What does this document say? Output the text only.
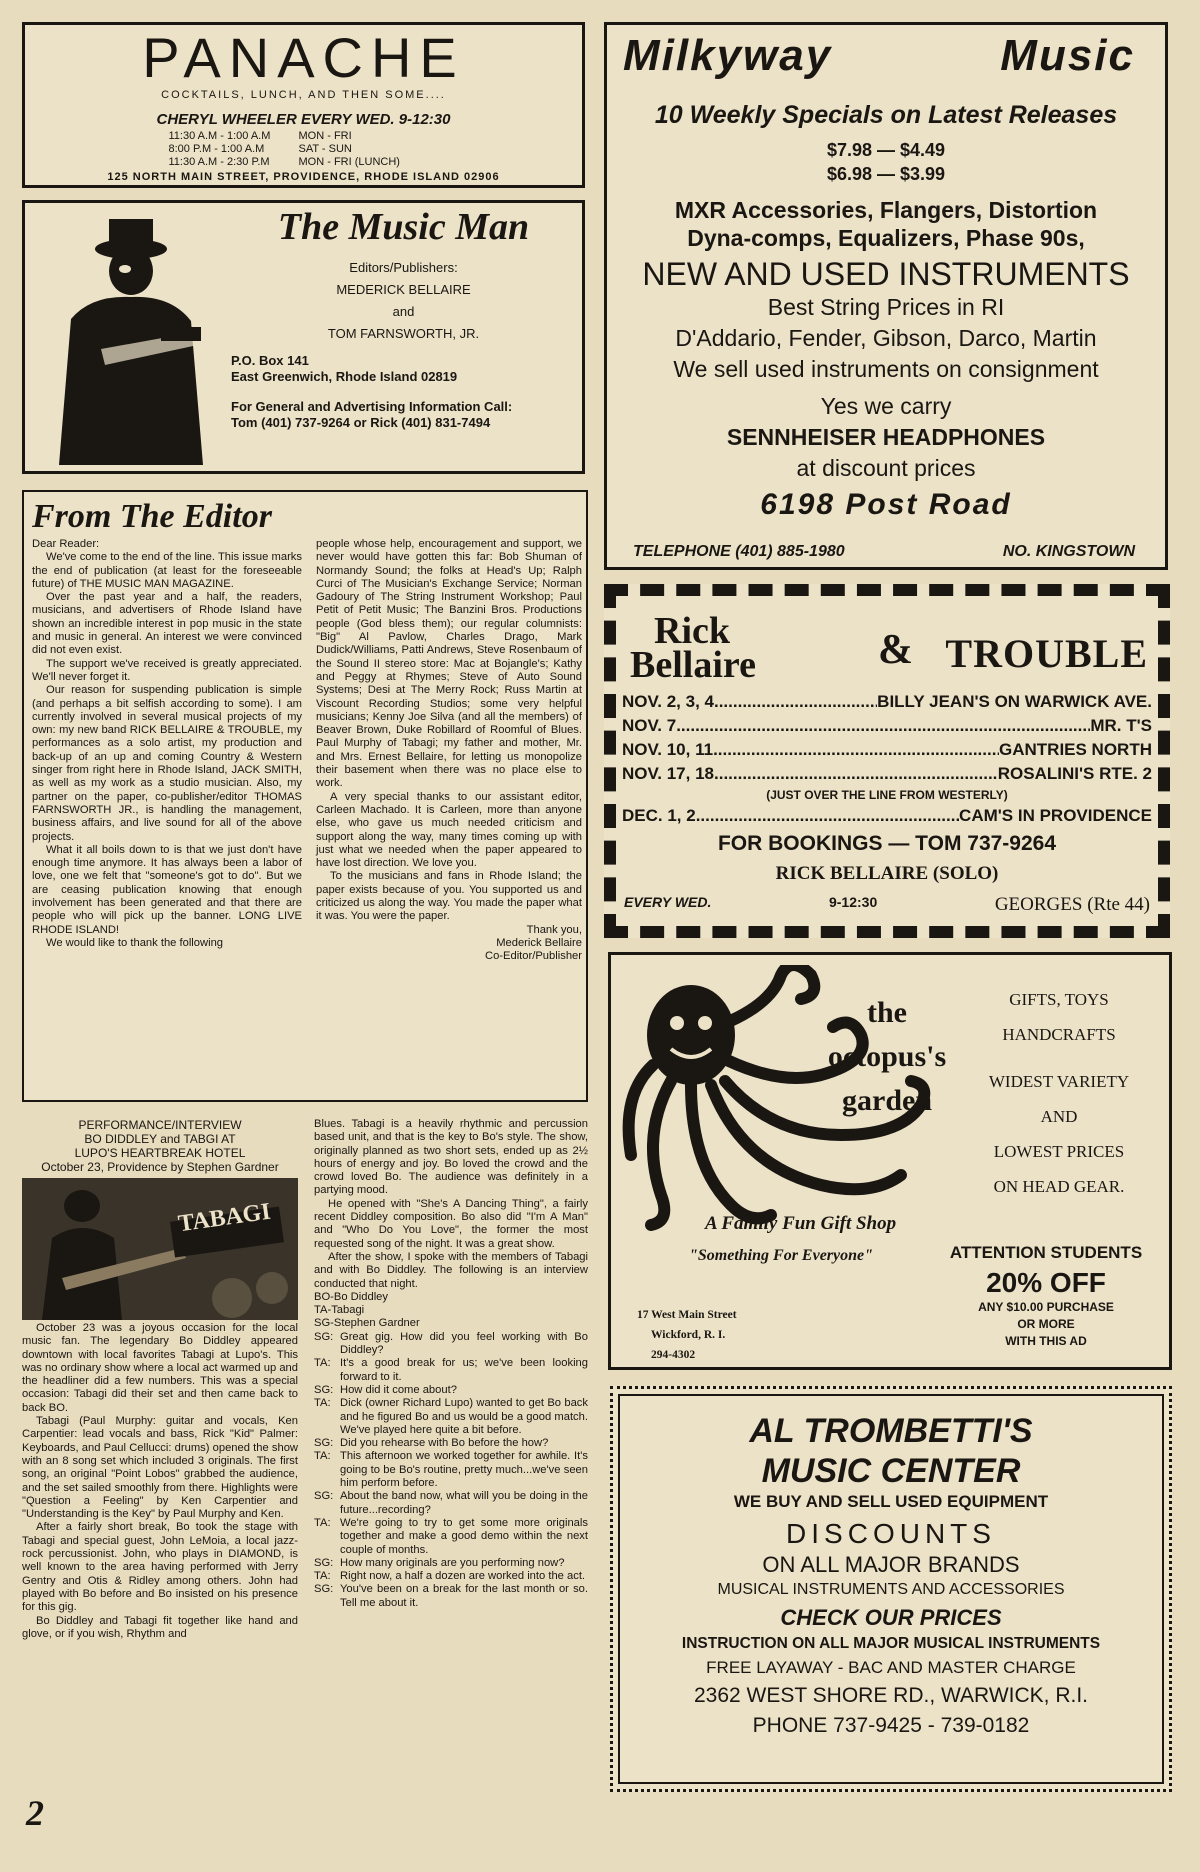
PANACHE
COCKTAILS, LUNCH, AND THEN SOME....
CHERYL WHEELER EVERY WED. 9-12:30
11:30 A.M - 1:00 A.M	MON - FRI
8:00 P.M - 1:00 A.M	SAT - SUN
11:30 A.M - 2:30 P.M	MON - FRI (LUNCH)
125 NORTH MAIN STREET, PROVIDENCE, RHODE ISLAND 02906
The Music Man
Editors/Publishers:
MEDERICK BELLAIRE
and
TOM FARNSWORTH, JR.
P.O. Box 141
East Greenwich, Rhode Island 02819
For General and Advertising Information Call:
Tom (401) 737-9264 or Rick (401) 831-7494
From The Editor

Dear Reader:

We've come to the end of the line. This issue marks the end of publication (at least for the foreseeable future) of THE MUSIC MAN MAGAZINE.

Over the past year and a half, the readers, musicians, and advertisers of Rhode Island have shown an incredible interest in pop music in the state and music in general. An interest we were convinced did not even exist.

The support we've received is greatly appreciated. We'll never forget it.

Our reason for suspending publication is simple (and perhaps a bit selfish according to some). I am currently involved in several musical projects of my own: my new band RICK BELLAIRE & TROUBLE, my performances as a solo artist, my production and back-up of an up and coming Country & Western singer from right here in Rhode Island, JACK SMITH, as well as my work as a studio musician. Also, my partner on the paper, co-publisher/editor THOMAS FARNSWORTH JR., is handling the management, business affairs, and live sound for all of the above projects.

What it all boils down to is that we just don't have enough time anymore. It has always been a labor of love, one we felt that "someone's got to do". But we are ceasing publication knowing that enough involvement has been generated and that there are people who will pick up the banner. LONG LIVE RHODE ISLAND!

We would like to thank the following

people whose help, encouragement and support, we never would have gotten this far: Bob Shuman of Normandy Sound; the folks at Head's Up; Ralph Curci of The Musician's Exchange Service; Norman Gadoury of The String Instrument Workshop; Paul Petit of Petit Music; The Banzini Bros. Productions people (God bless them); our regular columnists: "Big" Al Pavlow, Charles Drago, Mark Dudick/Williams, Patti Andrews, Steve Rosenbaum of the Sound II stereo store: Mac at Bojangle's; Kathy and Peggy at Rhymes; Steve of Auto Sound Systems; Desi at The Merry Rock; Russ Martin at Viscount Recording Studios; some very helpful musicians; Kenny Joe Silva (and all the members) of Beaver Brown, Duke Robillard of Roomful of Blues. Paul Murphy of Tabagi; my father and mother, Mr. and Mrs. Ernest Bellaire, for letting us monopolize their basement when there was no place else to work.

A very special thanks to our assistant editor, Carleen Machado. It is Carleen, more than anyone else, who gave us much needed criticism and support along the way, many times coming up with just what we needed when the paper appeared to have lost direction. We love you.

To the musicians and fans in Rhode Island; the paper exists because of you. You supported us and criticized us along the way. You made the paper what it was. You were the paper.

Thank you,
Mederick Bellaire
Co-Editor/Publisher
PERFORMANCE/INTERVIEW
BO DIDDLEY and TABGI AT
LUPO'S HEARTBREAK HOTEL
October 23, Providence by Stephen Gardner
TABAGI

October 23 was a joyous occasion for the local music fan. The legendary Bo Diddley appeared downtown with local favorites Tabagi at Lupo's. This was no ordinary show where a local act warmed up and the headliner did a few numbers. This was a special occasion: Tabagi did their set and then came back to back BO.

Tabagi (Paul Murphy: guitar and vocals, Ken Carpentier: lead vocals and bass, Rick "Kid" Palmer: Keyboards, and Paul Cellucci: drums) opened the show with an 8 song set which included 3 originals. The first song, an original "Point Lobos" grabbed the audience, and the set sailed smoothly from there. Highlights were "Question a Feeling" by Ken Carpentier and "Understanding is the Key" by Paul Murphy and Ken.

After a fairly short break, Bo took the stage with Tabagi and special guest, John LeMoia, a local jazz-rock percussionist. John, who plays in DIAMOND, is well known to the area having performed with Jerry Gentry and Otis & Ridley among others. John had played with Bo before and Bo insisted on his presence for this gig.

Bo Diddley and Tabagi fit together like hand and glove, or if you wish, Rhythm and

Blues. Tabagi is a heavily rhythmic and percussion based unit, and that is the key to Bo's style. The show, originally planned as two short sets, ended up as 2½ hours of energy and joy. Bo loved the crowd and the crowd loved Bo. The audience was definitely in a partying mood.

He opened with "She's A Dancing Thing", a fairly recent Diddley composition. Bo also did "I'm A Man" and "Who Do You Love", the former the most requested song of the night. It was a great show.

After the show, I spoke with the members of Tabagi and with Bo Diddley. The following is an interview conducted that night.

BO-Bo Diddley
TA-Tabagi
SG-Stephen Gardner
SG: Great gig. How did you feel working with Bo Diddley?
TA: It's a good break for us; we've been looking forward to it.
SG: How did it come about?
TA: Dick (owner Richard Lupo) wanted to get Bo back and he figured Bo and us would be a good match. We've played here quite a bit before.
SG: Did you rehearse with Bo before the how?
TA: This afternoon we worked together for awhile. It's going to be Bo's routine, pretty much...we've seen him perform before.
SG: About the band now, what will you be doing in the future...recording?
TA: We're going to try to get some more originals together and make a good demo within the next couple of months.
SG: How many originals are you performing now?
TA: Right now, a half a dozen are worked into the act.
SG: You've been on a break for the last month or so. Tell me about it.
Milkyway	Music
10 Weekly Specials on Latest Releases
$7.98 — $4.49
$6.98 — $3.99
MXR Accessories, Flangers, Distortion
Dyna-comps, Equalizers, Phase 90s,
NEW AND USED INSTRUMENTS
Best String Prices in RI
D'Addario, Fender, Gibson, Darco, Martin
We sell used instruments on consignment
Yes we carry
SENNHEISER HEADPHONES
at discount prices
6198 Post Road
TELEPHONE (401) 885-1980	NO. KINGSTOWN
Rick
Bellaire	& TROUBLE
NOV. 2, 3, 4 .....	BILLY JEAN'S ON WARWICK AVE.
NOV. 7 .....	MR. T'S
NOV. 10, 11 .....	GANTRIES NORTH
NOV. 17, 18 .....	ROSALINI'S RTE. 2
(JUST OVER THE LINE FROM WESTERLY)
DEC. 1, 2 .....	CAM'S IN PROVIDENCE
FOR BOOKINGS — TOM 737-9264
RICK BELLAIRE (SOLO)
EVERY WED.	9-12:30	GEORGES (Rte 44)
the
octopus's
garden
GIFTS, TOYS
HANDCRAFTS
WIDEST VARIETY
AND
LOWEST PRICES
ON HEAD GEAR.
A Family Fun Gift Shop
"Something For Everyone"	ATTENTION STUDENTS
20% OFF
ANY $10.00 PURCHASE
OR MORE
WITH THIS AD
17 West Main Street
Wickford, R. I.
294-4302
AL TROMBETTI'S
MUSIC CENTER
WE BUY AND SELL USED EQUIPMENT
DISCOUNTS
ON ALL MAJOR BRANDS
MUSICAL INSTRUMENTS AND ACCESSORIES
CHECK OUR PRICES
INSTRUCTION ON ALL MAJOR MUSICAL INSTRUMENTS
FREE LAYAWAY - BAC AND MASTER CHARGE
2362 WEST SHORE RD., WARWICK, R.I.
PHONE 737-9425 - 739-0182
2
